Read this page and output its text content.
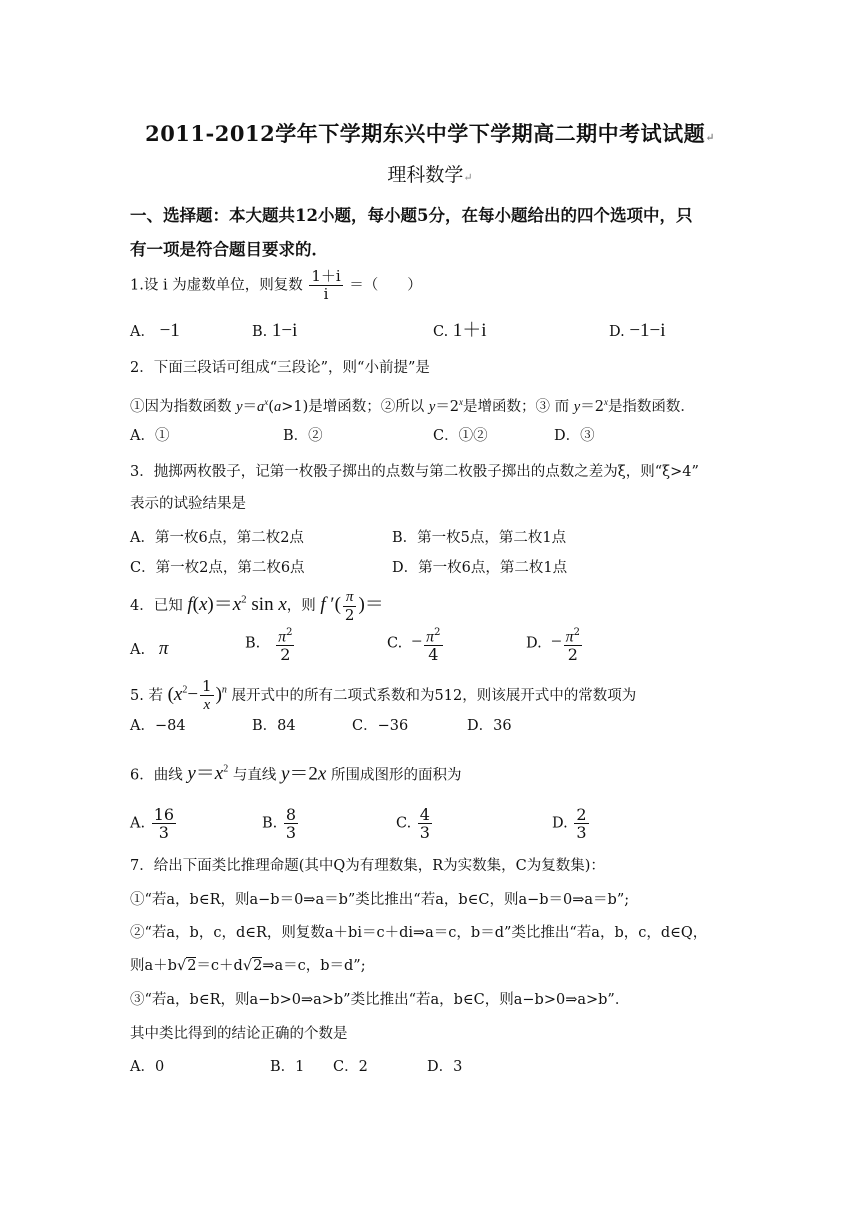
2011-2012学年下学期东兴中学下学期高二期中考试试题↵
理科数学↵
一、选择题：本大题共12小题，每小题5分，在每小题给出的四个选项中，只
有一项是符合题目要求的．
1.设 i 为虚数单位，则复数 $\frac{1+i}{i}$ ＝（　　）
A． −1	B. 1−i	C. 1＋i	D. −1−i
2．下面三段话可组成“三段论”，则“小前提”是
①因为指数函数 $y=a^x(a>1)$是增函数；②所以 $y=2^x$是增函数；③ 而 $y=2^x$是指数函数．
A．①	B．②	C．①②	D．③
3．抛掷两枚骰子，记第一枚骰子掷出的点数与第二枚骰子掷出的点数之差为ξ，则“ξ>4”
表示的试验结果是
A．第一枚6点，第二枚2点	B．第一枚5点，第二枚1点
C．第一枚2点，第二枚6点	D．第一枚6点，第二枚1点
4．已知 $f(x)=x^2$ sin x，则 f ′( $\frac{\pi}{2}$ )＝
A. π	B. $\frac{\pi^2}{2}$	C. − $\frac{\pi^2}{4}$	D. − $\frac{\pi^2}{2}$
5. 若 $(x^2- \frac{1}{x} )^n$ 展开式中的所有二项式系数和为512，则该展开式中的常数项为
A．−84	B．84	C．−36	D．36
6．曲线 $y=x^2$ 与直线 y＝2x 所围成图形的面积为
A. $\frac{16}{3}$	B. $\frac{8}{3}$	C. $\frac{4}{3}$	D. $\frac{2}{3}$
7．给出下面类比推理命题(其中Q为有理数集，R为实数集，C为复数集)：
①“若a，b∈R，则a−b＝0⇒a＝b”类比推出“若a，b∈C，则a−b＝0⇒a＝b”;
②“若a，b，c，d∈R，则复数a＋bi＝c＋di⇒a＝c，b＝d”类比推出“若a，b，c，d∈Q，
则a＋b√2＝c＋d√2⇒a＝c，b＝d”;
③“若a，b∈R，则a−b>0⇒a>b”类比推出“若a，b∈C，则a−b>0⇒a>b”．
其中类比得到的结论正确的个数是
A．0	B．1 C．2	D．3
